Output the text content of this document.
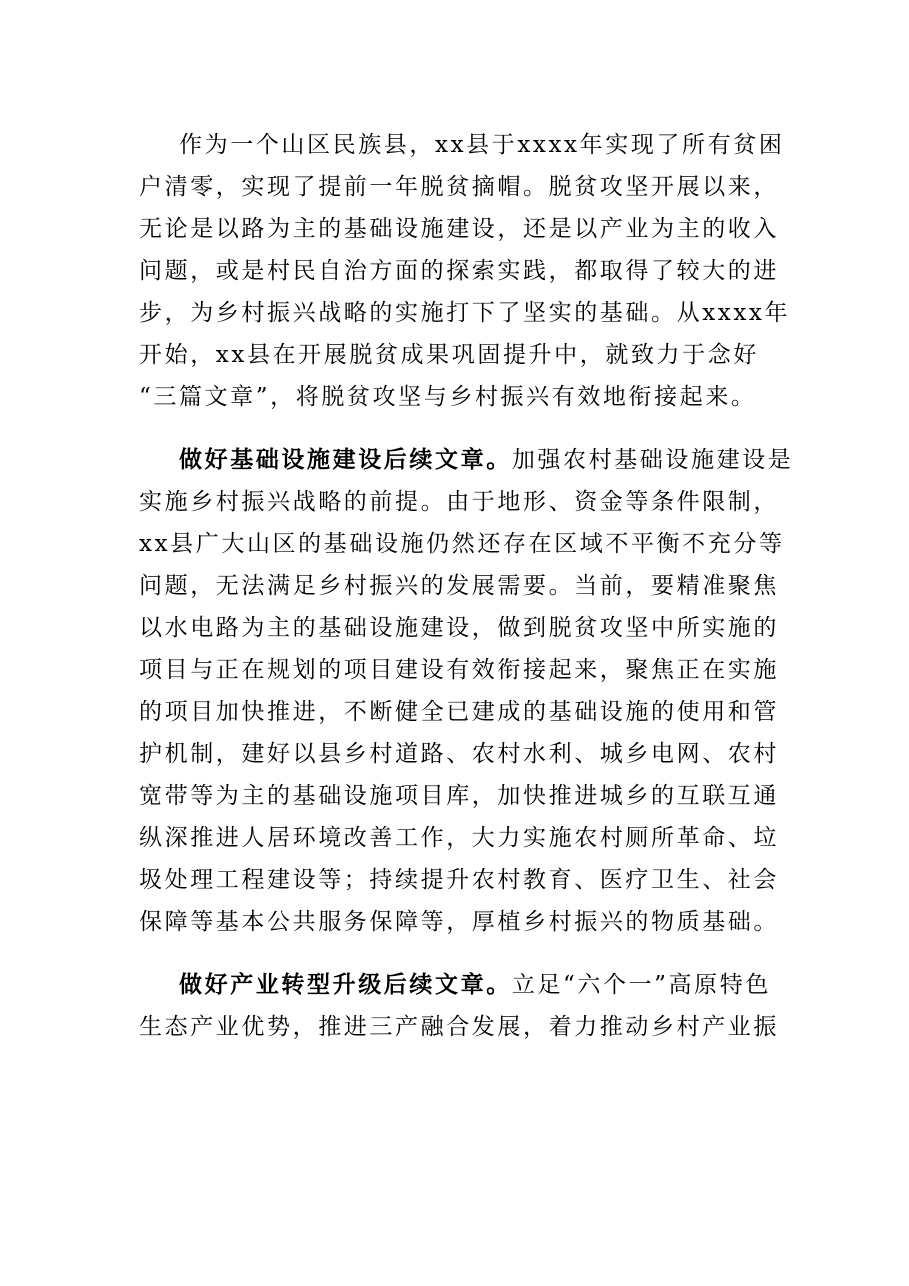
作为一个山区民族县，xx县于xxxx年实现了所有贫困
户清零，实现了提前一年脱贫摘帽。脱贫攻坚开展以来，
无论是以路为主的基础设施建设，还是以产业为主的收入
问题，或是村民自治方面的探索实践，都取得了较大的进
步，为乡村振兴战略的实施打下了坚实的基础。从xxxx年
开始，xx县在开展脱贫成果巩固提升中，就致力于念好
“三篇文章”，将脱贫攻坚与乡村振兴有效地衔接起来。
做好基础设施建设后续文章。加强农村基础设施建设是
实施乡村振兴战略的前提。由于地形、资金等条件限制，
xx县广大山区的基础设施仍然还存在区域不平衡不充分等
问题，无法满足乡村振兴的发展需要。当前，要精准聚焦
以水电路为主的基础设施建设，做到脱贫攻坚中所实施的
项目与正在规划的项目建设有效衔接起来，聚焦正在实施
的项目加快推进，不断健全已建成的基础设施的使用和管
护机制，建好以县乡村道路、农村水利、城乡电网、农村
宽带等为主的基础设施项目库，加快推进城乡的互联互通
纵深推进人居环境改善工作，大力实施农村厕所革命、垃
圾处理工程建设等；持续提升农村教育、医疗卫生、社会
保障等基本公共服务保障等，厚植乡村振兴的物质基础。
做好产业转型升级后续文章。立足“六个一”高原特色
生态产业优势，推进三产融合发展，着力推动乡村产业振
